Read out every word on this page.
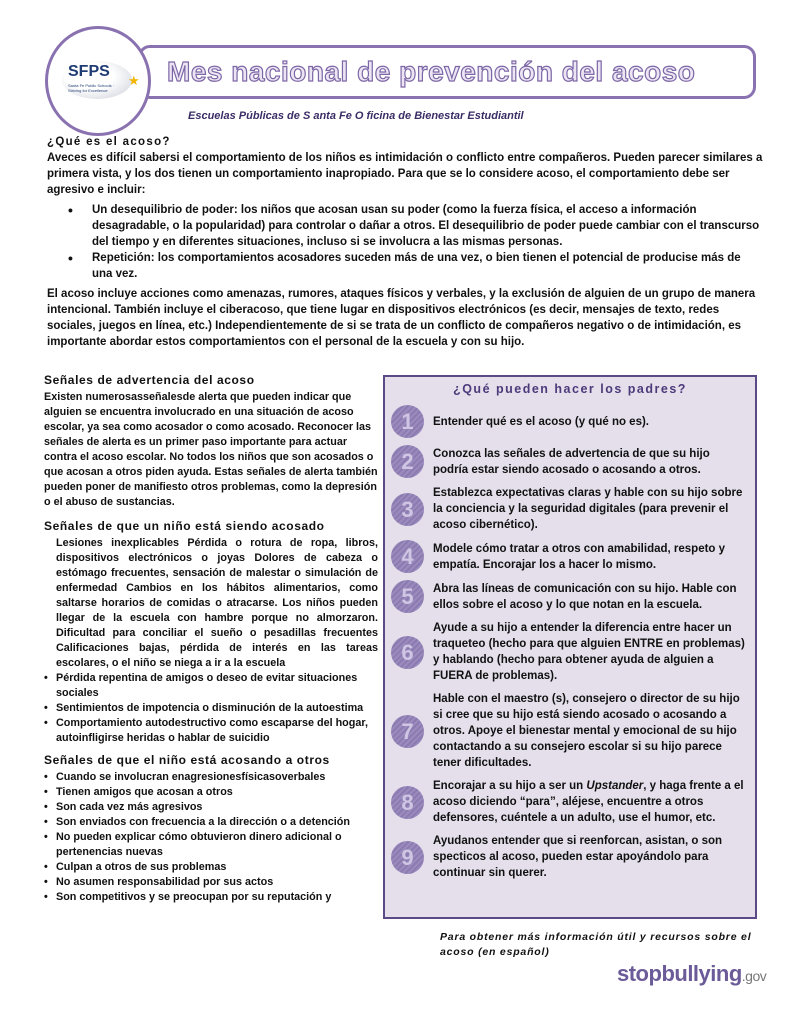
SFPS
Santa Fe Public Schools · Striving for Excellence
★ Mes nacional de prevención del acoso
Escuelas Públicas de S anta Fe O ficina de Bienestar Estudiantil
¿Qué es el acoso?
Aveces es difícil sabersi el comportamiento de los niños es intimidación o conflicto entre compañeros. Pueden parecer similares a primera vista, y los dos tienen un comportamiento inapropiado. Para que se lo considere acoso, el comportamiento debe ser agresivo e incluir:
• Un desequilibrio de poder: los niños que acosan usan su poder (como la fuerza física, el acceso a información desagradable, o la popularidad) para controlar o dañar a otros. El desequilibrio de poder puede cambiar con el transcurso del tiempo y en diferentes situaciones, incluso si se involucra a las mismas personas.
• Repetición: los comportamientos acosadores suceden más de una vez, o bien tienen el potencial de producise más de una vez.
El acoso incluye acciones como amenazas, rumores, ataques físicos y verbales, y la exclusión de alguien de un grupo de manera intencional. También incluye el ciberacoso, que tiene lugar en dispositivos electrónicos (es decir, mensajes de texto, redes sociales, juegos en línea, etc.) Independientemente de si se trata de un conflicto de compañeros negativo o de intimidación, es importante abordar estos comportamientos con el personal de la escuela y con su hijo.
Señales de advertencia del acoso
Existen numerosasseñalesde alerta que pueden indicar que alguien se encuentra involucrado en una situación de acoso escolar, ya sea como acosador o como acosado. Reconocer las señales de alerta es un primer paso importante para actuar contra el acoso escolar. No todos los niños que son acosados o que acosan a otros piden ayuda. Estas señales de alerta también pueden poner de manifiesto otros problemas, como la depresión o el abuso de sustancias.
Señales de que un niño está siendo acosado
Lesiones inexplicables Pérdida o rotura de ropa, libros, dispositivos electrónicos o joyas Dolores de cabeza o estómago frecuentes, sensación de malestar o simulación de enfermedad Cambios en los hábitos alimentarios, como saltarse horarios de comidas o atracarse. Los niños pueden llegar de la escuela con hambre porque no almorzaron. Dificultad para conciliar el sueño o pesadillas frecuentes Calificaciones bajas, pérdida de interés en las tareas escolares, o el niño se niega a ir a la escuela
• Pérdida repentina de amigos o deseo de evitar situaciones sociales
• Sentimientos de impotencia o disminución de la autoestima
• Comportamiento autodestructivo como escaparse del hogar, autoinfligirse heridas o hablar de suicidio
Señales de que el niño está acosando a otros
• Cuando se involucran enagresionesfísicasoverbales
• Tienen amigos que acosan a otros
• Son cada vez más agresivos
• Son enviados con frecuencia a la dirección o a detención
• No pueden explicar cómo obtuvieron dinero adicional o pertenencias nuevas
• Culpan a otros de sus problemas
• No asumen responsabilidad por sus actos
• Son competitivos y se preocupan por su reputación y
¿Qué pueden hacer los padres?
1	Entender qué es el acoso (y qué no es).
2	Conozca las señales de advertencia de que su hijo podría estar siendo acosado o acosando a otros.
3
Establezca expectativas claras y hable con su hijo sobre la conciencia y la seguridad digitales (para prevenir el acoso cibernético).
4	Modele cómo tratar a otros con amabilidad, respeto y empatía. Encorajar los a hacer lo mismo.
5	Abra las líneas de comunicación con su hijo. Hable con ellos sobre el acoso y lo que notan en la escuela.
6
Ayude a su hijo a entender la diferencia entre hacer un traqueteo (hecho para que alguien ENTRE en problemas) y hablando (hecho para obtener ayuda de alguien a FUERA de problemas).
7
Hable con el maestro (s), consejero o director de su hijo si cree que su hijo está siendo acosado o acosando a otros. Apoye el bienestar mental y emocional de su hijo contactando a su consejero escolar si su hijo parece tener dificultades.
8
Encorajar a su hijo a ser un Upstander, y haga frente a el acoso diciendo “para”, aléjese, encuentre a otros defensores, cuéntele a un adulto, use el humor, etc.
9
Ayudanos entender que si reenforcan, asistan, o son specticos al acoso, pueden estar apoyándolo para continuar sin querer.
Para obtener más información útil y recursos sobre el acoso (en español)
stopbullying.gov
